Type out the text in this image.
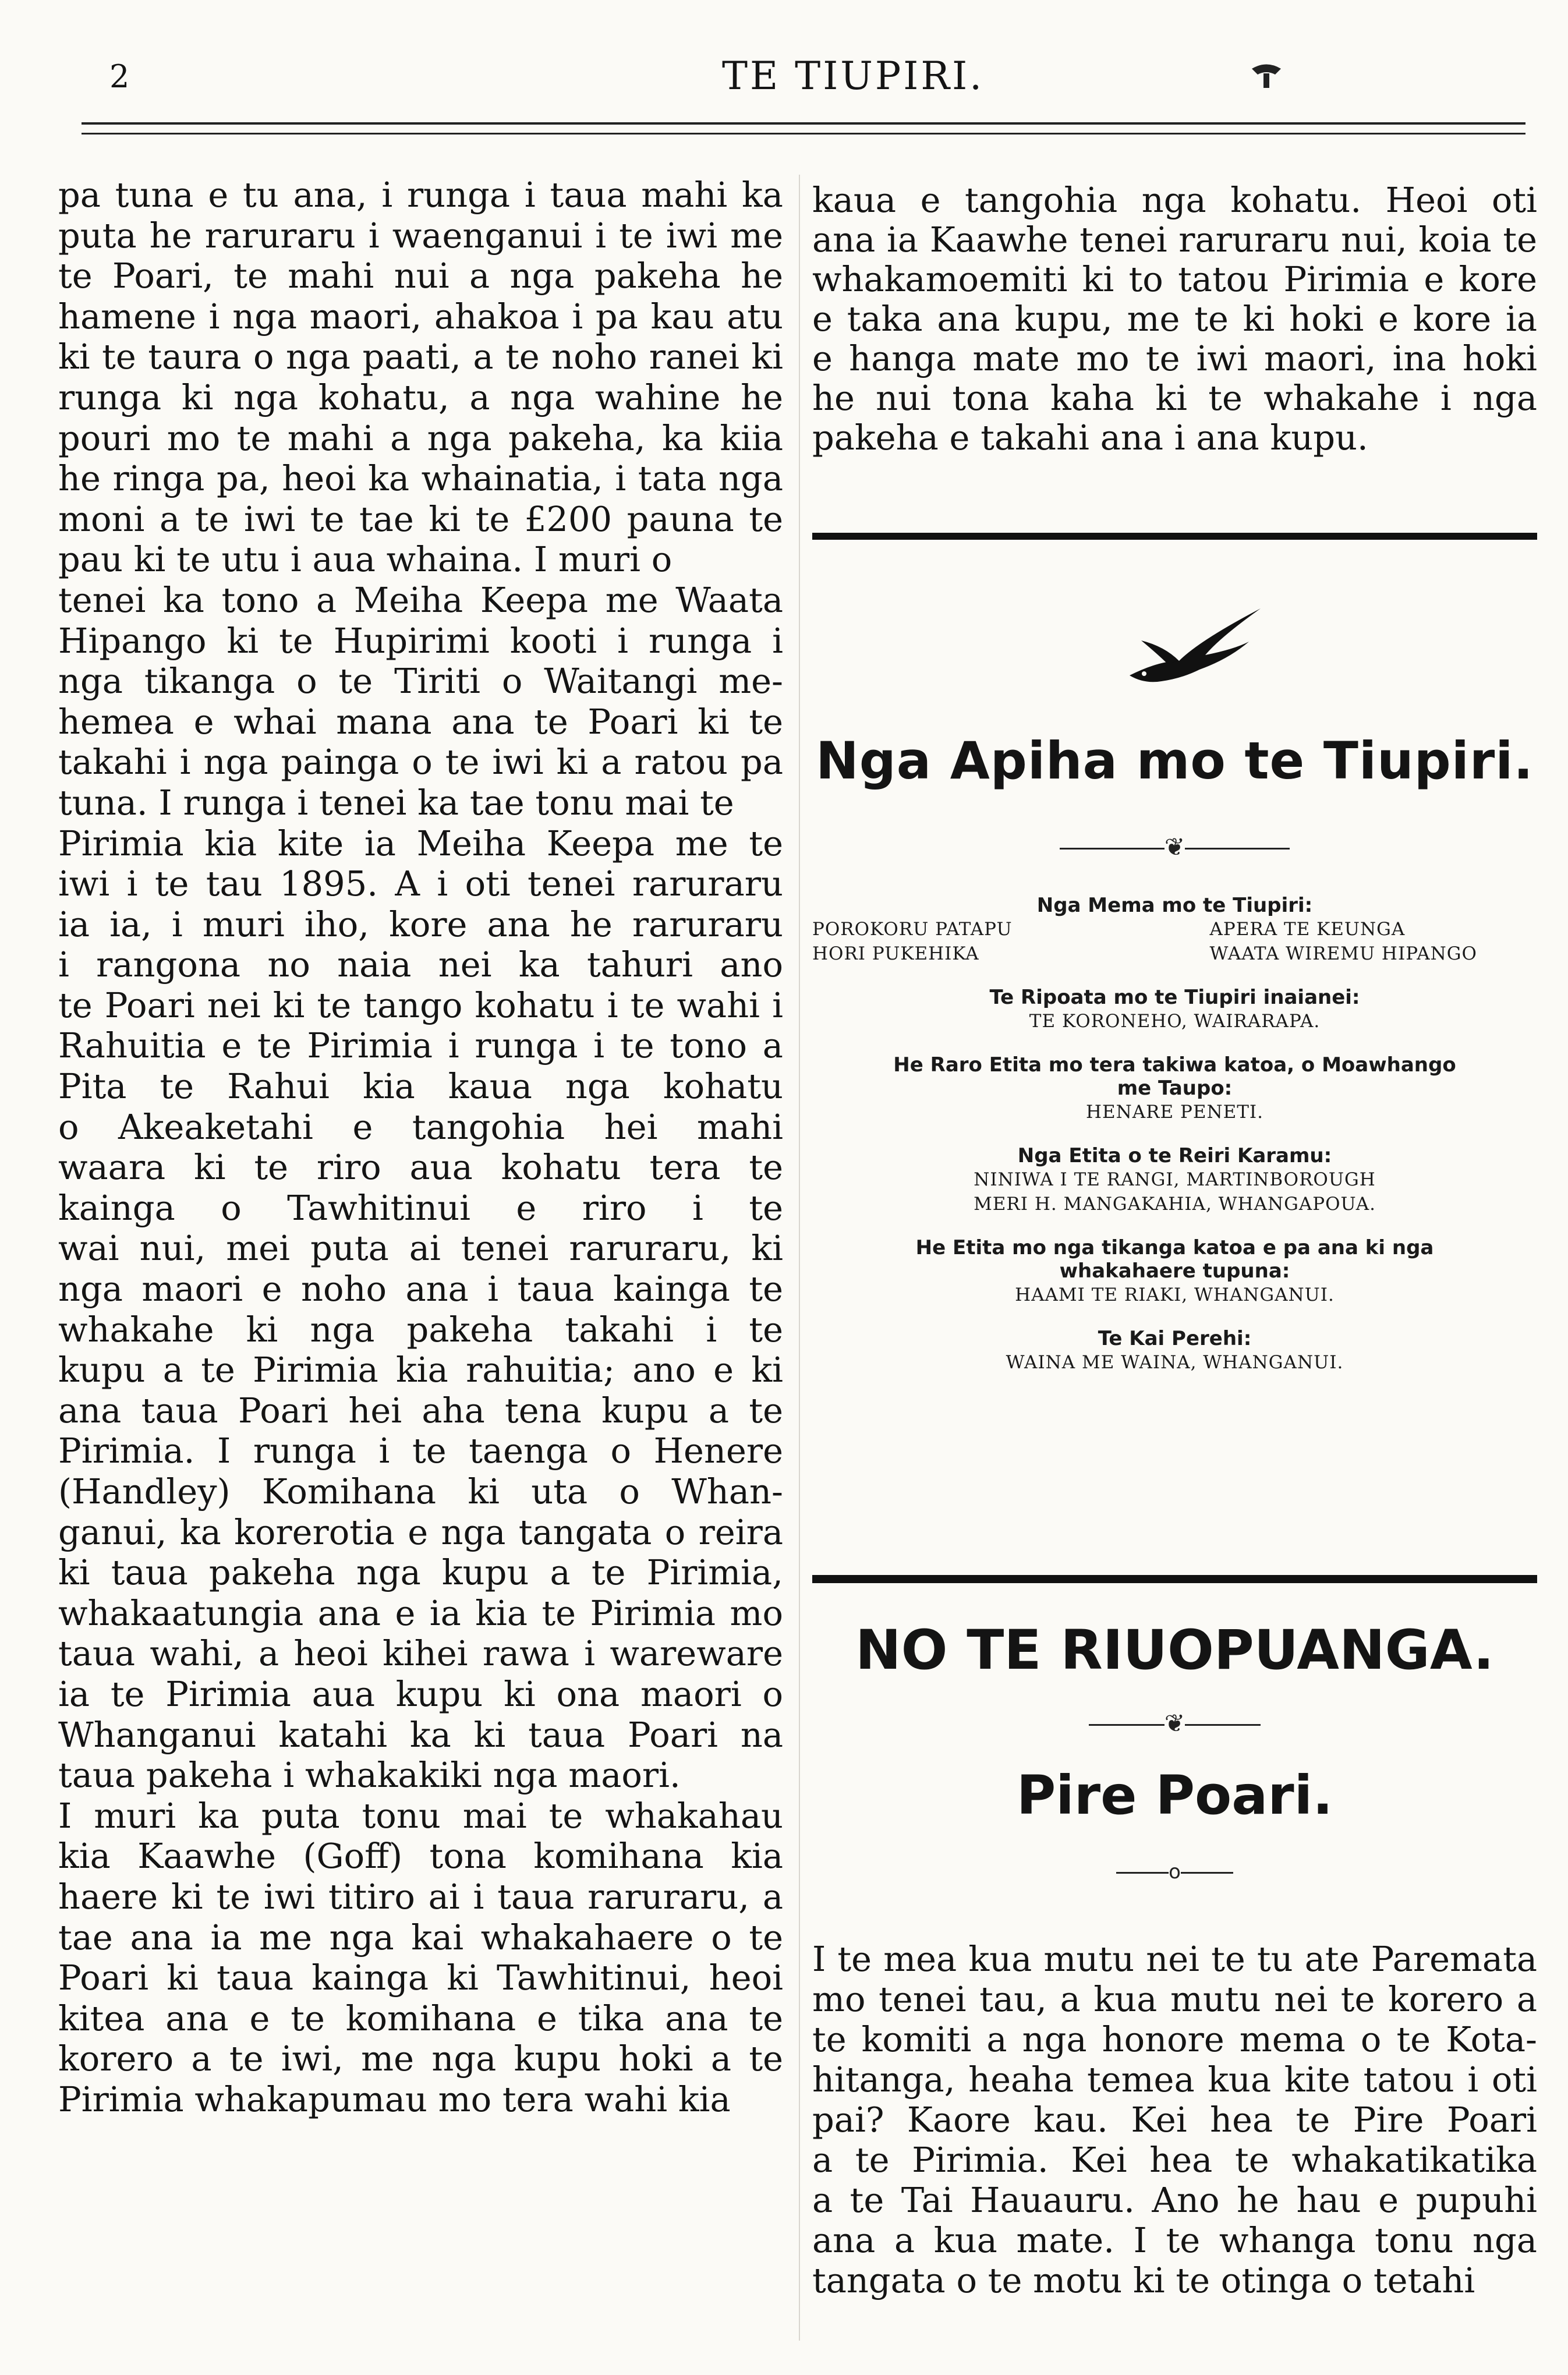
2	TE TIUPIRI.
pa tuna e tu ana, i runga i taua mahi ka
puta he raruraru i waenganui i te iwi me
te Poari, te mahi nui a nga pakeha he
hamene i nga maori, ahakoa i pa kau atu
ki te taura o nga paati, a te noho ranei ki
runga ki nga kohatu, a nga wahine he
pouri mo te mahi a nga pakeha, ka kiia
he ringa pa, heoi ka whainatia, i tata nga
moni a te iwi te tae ki te £200 pauna te
pau ki te utu i aua whaina. I muri o
tenei ka tono a Meiha Keepa me Waata
Hipango ki te Hupirimi kooti i runga i
nga tikanga o te Tiriti o Waitangi me-
hemea e whai mana ana te Poari ki te
takahi i nga painga o te iwi ki a ratou pa
tuna. I runga i tenei ka tae tonu mai te
Pirimia kia kite ia Meiha Keepa me te
iwi i te tau 1895. A i oti tenei raruraru
ia ia, i muri iho, kore ana he raruraru
i rangona no naia nei ka tahuri ano
te Poari nei ki te tango kohatu i te wahi i
Rahuitia e te Pirimia i runga i te tono a
Pita te Rahui kia kaua nga kohatu
o Akeaketahi e tangohia hei mahi
waara ki te riro aua kohatu tera te
kainga o Tawhitinui e riro i te
wai nui, mei puta ai tenei raruraru, ki
nga maori e noho ana i taua kainga te
whakahe ki nga pakeha takahi i te
kupu a te Pirimia kia rahuitia; ano e ki
ana taua Poari hei aha tena kupu a te
Pirimia. I runga i te taenga o Henere
(Handley) Komihana ki uta o Whan-
ganui, ka korerotia e nga tangata o reira
ki taua pakeha nga kupu a te Pirimia,
whakaatungia ana e ia kia te Pirimia mo
taua wahi, a heoi kihei rawa i wareware
ia te Pirimia aua kupu ki ona maori o
Whanganui katahi ka ki taua Poari na
taua pakeha i whakakiki nga maori.
I muri ka puta tonu mai te whakahau
kia Kaawhe (Goff) tona komihana kia
haere ki te iwi titiro ai i taua raruraru, a
tae ana ia me nga kai whakahaere o te
Poari ki taua kainga ki Tawhitinui, heoi
kitea ana e te komihana e tika ana te
korero a te iwi, me nga kupu hoki a te
Pirimia whakapumau mo tera wahi kia
kaua e tangohia nga kohatu. Heoi oti
ana ia Kaawhe tenei raruraru nui, koia te
whakamoemiti ki to tatou Pirimia e kore
e taka ana kupu, me te ki hoki e kore ia
e hanga mate mo te iwi maori, ina hoki
he nui tona kaha ki te whakahe i nga
pakeha e takahi ana i ana kupu.
Nga Apiha mo te Tiupiri.
❦
Nga Mema mo te Tiupiri:
POROKORU PATAPU	APERA TE KEUNGA
HORI PUKEHIKA	WAATA WIREMU HIPANGO
Te Ripoata mo te Tiupiri inaianei:
TE KORONEHO, WAIRARAPA.
He Raro Etita mo tera takiwa katoa, o Moawhango
me Taupo:
HENARE PENETI.
Nga Etita o te Reiri Karamu:
NINIWA I TE RANGI, MARTINBOROUGH
MERI H. MANGAKAHIA, WHANGAPOUA.
He Etita mo nga tikanga katoa e pa ana ki nga
whakahaere tupuna:
HAAMI TE RIAKI, WHANGANUI.
Te Kai Perehi:
WAINA ME WAINA, WHANGANUI.
NO TE RIUOPUANGA.
❦
Pire Poari.
o
I te mea kua mutu nei te tu ate Paremata
mo tenei tau, a kua mutu nei te korero a
te komiti a nga honore mema o te Kota-
hitanga, heaha temea kua kite tatou i oti
pai? Kaore kau. Kei hea te Pire Poari
a te Pirimia. Kei hea te whakatikatika
a te Tai Hauauru. Ano he hau e pupuhi
ana a kua mate. I te whanga tonu nga
tangata o te motu ki te otinga o tetahi
